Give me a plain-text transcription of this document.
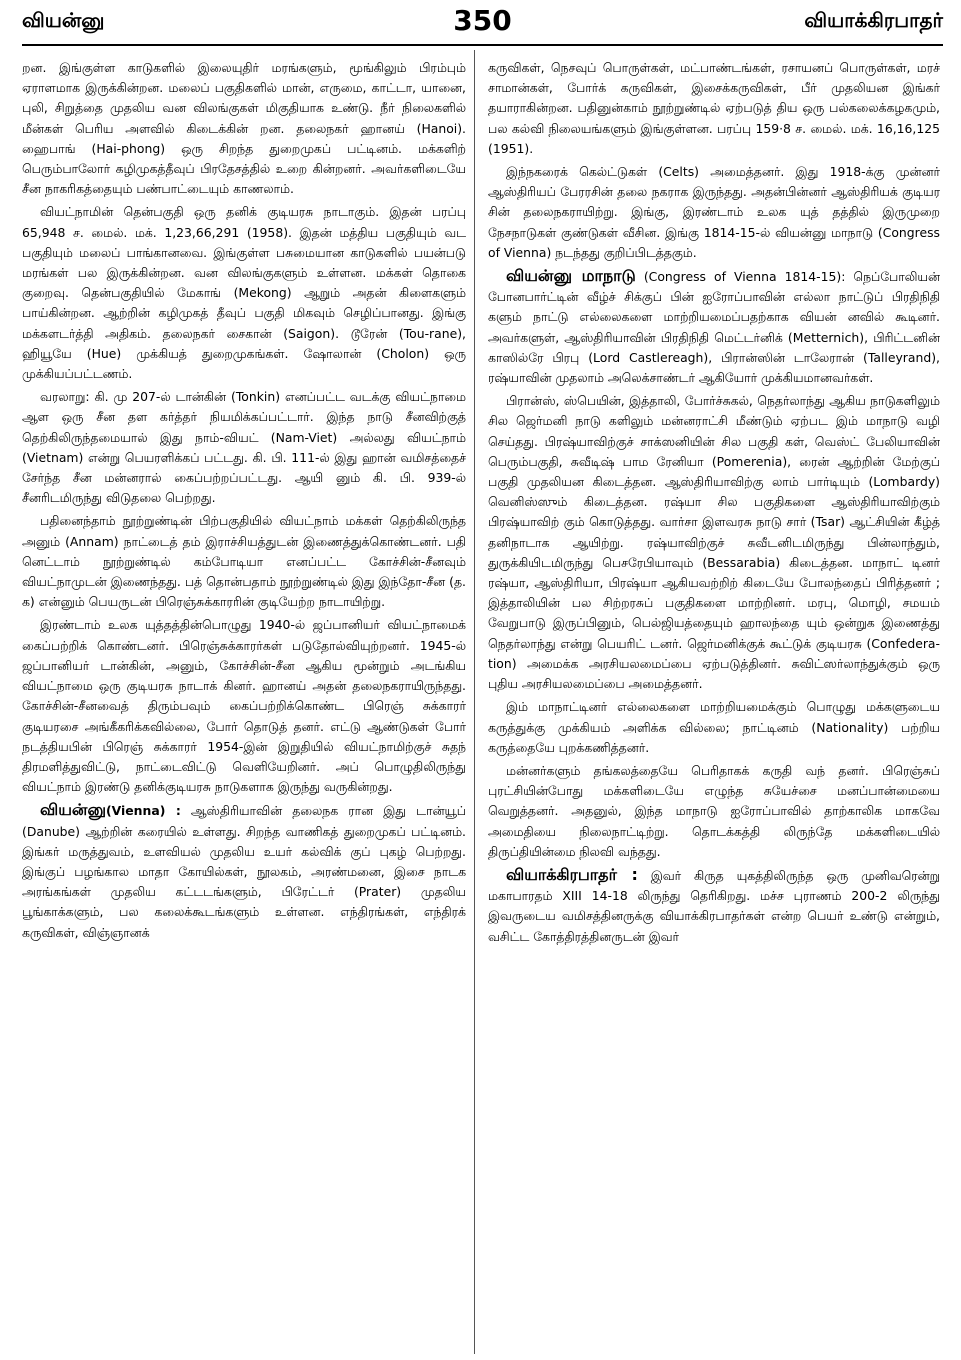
வியன்னு	350	வியாக்கிரபாதர்

றன. இங்குள்ள காடுகளில் இலையுதிர் மரங்களும், மூங்கிலும் பிரம்பும் ஏராளமாக இருக்கின்றன. மலைப் பகுதிகளில் மான், எருமை, காட்டா, யானை, புலி, சிறுத்தை முதலிய வன விலங்குகள் மிகுதியாக உண்டு. நீர் நிலைகளில் மீன்கள் பெரிய அளவில் கிடைக்கின் றன. தலைநகர் ஹானய் (Hanoi). ஹைபாங் (Hai-phong) ஒரு சிறந்த துறைமுகப் பட்டினம். மக்களிற் பெரும்பாலோர் கழிமுகத்தீவுப் பிரதேசத்தில் உறை கின்றனர். அவர்களிடையே சீன நாகரிகத்தையும் பண்பாட்டையும் காணலாம்.

வியட்நாமின் தென்பகுதி ஒரு தனிக் குடியரசு நாடாகும். இதன் பரப்பு 65,948 ச. மைல். மக். 1,23,66,291 (1958). இதன் மத்திய பகுதியும் வட பகுதியும் மலைப் பாங்கானவை. இங்குள்ள பசுமையான காடுகளில் பயன்படு மரங்கள் பல இருக்கின்றன. வன விலங்குகளும் உள்ளன. மக்கள் தொகை குறைவு. தென்பகுதியில் மேகாங் (Mekong) ஆறும் அதன் கிளைகளும் பாய்கின்றன. ஆற்றின் கழிமுகத் தீவுப் பகுதி மிகவும் செழிப்பானது. இங்கு மக்களடர்த்தி அதிகம். தலைநகர் சைகான் (Saigon). டூரேன் (Tou-rane), ஹியூயே (Hue) முக்கியத் துறைமுகங்கள். ஷோலான் (Cholon) ஒரு முக்கியப்பட்டணம்.

வரலாறு: கி. மு 207-ல் டான்கின் (Tonkin) எனப்பட்ட வடக்கு வியட்நாமை ஆள ஒரு சீன தள கர்த்தர் நியமிக்கப்பட்டார். இந்த நாடு சீனவிற்குத் தெற்கிலிருந்தமையால் இது நாம்-வியட் (Nam-Viet) அல்லது வியட்நாம் (Vietnam) என்று பெயரளிக்கப் பட்டது. கி. பி. 111-ல் இது ஹான் வமிசத்தைச் சேர்ந்த சீன மன்னரால் கைப்பற்றப்பட்டது. ஆயி னும் கி. பி. 939-ல் சீனரிடமிருந்து விடுதலை பெற்றது.

பதினைந்தாம் நூற்றுண்டின் பிற்பகுதியில் வியட்நாம் மக்கள் தெற்கிலிருந்த அனும் (Annam) நாட்டைத் தம் இராச்சியத்துடன் இணைத்துக்கொண்டனர். பதி னெட்டாம் நூற்றுண்டில் கம்போடியா எனப்பட்ட கோச்சின்-சீனவும் வியட்நாமுடன் இணைந்தது. பத் தொன்பதாம் நூற்றுண்டில் இது இந்தோ-சீன (த. க) என்னும் பெயருடன் பிரெஞ்சுக்காரரின் குடியேற்ற நாடாயிற்று.

இரண்டாம் உலக யுத்தத்தின்பொழுது 1940-ல் ஜப்பானியர் வியட்நாமைக் கைப்பற்றிக் கொண்டனர். பிரெஞ்சுக்காரர்கள் படுதோல்வியுற்றனர். 1945-ல் ஜப்பானியர் டான்கின், அனும், கோச்சின்-சீன ஆகிய மூன்றும் அடங்கிய வியட்நாமை ஒரு குடியரசு நாடாக் கினர். ஹானய் அதன் தலைநகராயிருந்தது. கோச்சின்-சீனவைத் திரும்பவும் கைப்பற்றிக்கொண்ட பிரெஞ் சுக்காரர் குடியரசை அங்கீகரிக்கவில்லை, போர் தொடுத் தனர். எட்டு ஆண்டுகள் போர் நடத்தியபின் பிரெஞ் சுக்காரர் 1954-இன் இறுதியில் வியட்நாமிற்குச் சுதந் திரமளித்துவிட்டு, நாட்டைவிட்டு வெளியேறினர். அப் பொழுதிலிருந்து வியட்நாம் இரண்டு தனிக்குடியரசு நாடுகளாக இருந்து வருகின்றது.

வியன்னு(Vienna) : ஆஸ்திரியாவின் தலைநக ரான இது டான்யூப் (Danube) ஆற்றின் கரையில் உள்ளது. சிறந்த வாணிகத் துறைமுகப் பட்டினம். இங்கர் மருத்துவம், உளவியல் முதலிய உயர் கல்விக் குப் புகழ் பெற்றது. இங்குப் பழங்கால மாதா கோயில்கள், நூலகம், அரண்மனை, இசை நாடக அரங்கங்கள் முதலிய கட்டடங்களும், பிரேட்டர் (Prater) முதலிய பூங்காக்களும், பல கலைக்கூடங்களும் உள்ளன. எந்திரங்கள், எந்திரக் கருவிகள், விஞ்ஞானக்

கருவிகள், நெசவுப் பொருள்கள், மட்பாண்டங்கள், ரசாயனப் பொருள்கள், மரச் சாமான்கள், போர்க் கருவிகள், இசைக்கருவிகள், பீர் முதலியன இங்கர் தயாராகின்றன. பதினுன்காம் நூற்றுண்டில் ஏற்படுத் திய ஒரு பல்கலைக்கழகமும், பல கல்வி நிலையங்களும் இங்குள்ளன. பரப்பு 159·8 ச. மைல். மக். 16,16,125 (1951).

இந்நகரைக் கெல்ட்டுகள் (Celts) அமைத்தனர். இது 1918-க்கு முன்னர் ஆஸ்திரியப் பேரரசின் தலை நகராக இருந்தது. அதன்பின்னர் ஆஸ்திரியக் குடியர சின் தலைநகராயிற்று. இங்கு, இரண்டாம் உலக யுத் தத்தில் இருமுறை நேசநாடுகள் குண்டுகள் வீசின. இங்கு 1814-15-ல் வியன்னு மாநாடு (Congress of Vienna) நடந்தது குறிப்பிடத்தகும்.

வியன்னு மாநாடு (Congress of Vienna 1814-15): நெப்போலியன் போனபார்ட்டின் வீழ்ச் சிக்குப் பின் ஐரோப்பாவின் எல்லா நாட்டுப் பிரதிநிதி களும் நாட்டு எல்லைகளை மாற்றியமைப்பதற்காக வியன் னவில் கூடினர். அவர்களுள், ஆஸ்திரியாவின் பிரதிநிதி மெட்டர்னிக் (Metternich), பிரிட்டனின் காஸில்ரே பிரபு (Lord Castlereagh), பிரான்ஸின் டாலேரான் (Talleyrand), ரஷ்யாவின் முதலாம் அலெக்சாண்டர் ஆகியோர் முக்கியமானவர்கள்.

பிரான்ஸ், ஸ்பெயின், இத்தாலி, போர்ச்சுகல், நெதர்லாந்து ஆகிய நாடுகளிலும் சில ஜெர்மனி நாடு களிலும் மன்னராட்சி மீண்டும் ஏற்பட இம் மாநாடு வழி செய்தது. பிரஷ்யாவிற்குச் சாக்ஸனியின் சில பகுதி கள், வெஸ்ட் பேலியாவின் பெரும்பகுதி, சுவீடிஷ் பாம ரேனியா (Pomerenia), ரைன் ஆற்றின் மேற்குப் பகுதி முதலியன கிடைத்தன. ஆஸ்திரியாவிற்கு லாம் பார்டியும் (Lombardy) வெனிஸ்ஸும் கிடைத்தன. ரஷ்யா சில பகுதிகளை ஆஸ்திரியாவிற்கும் பிரஷ்யாவிற் கும் கொடுத்தது. வார்சா இளவரசு நாடு சார் (Tsar) ஆட்சியின் கீழ்த் தனிநாடாக ஆயிற்று. ரஷ்யாவிற்குச் சுவீடனிடமிருந்து பின்லாந்தும், துருக்கியிடமிருந்து பெசரேபியாவும் (Bessarabia) கிடைத்தன. மாநாட் டினர் ரஷ்யா, ஆஸ்திரியா, பிரஷ்யா ஆகியவற்றிற் கிடையே போலந்தைப் பிரித்தனர் ; இத்தாலியின் பல சிற்றரசுப் பகுதிகளை மாற்றினர். மரபு, மொழி, சமயம் வேறுபாடு இருப்பினும், பெல்ஜியத்தையும் ஹாலந்தை யும் ஒன்றுக இணைத்து நெதர்லாந்து என்று பெயரிட் டனர். ஜெர்மனிக்குக் கூட்டுக் குடியரசு (Confedera-tion) அமைக்க அரசியலமைப்பை ஏற்படுத்தினர். சுவிட்ஸர்லாந்துக்கும் ஒரு புதிய அரசியலமைப்பை அமைத்தனர்.

இம் மாநாட்டினர் எல்லைகளை மாற்றியமைக்கும் பொழுது மக்களுடைய கருத்துக்கு முக்கியம் அளிக்க வில்லை; நாட்டினம் (Nationality) பற்றிய கருத்தையே புறக்கணித்தனர்.

மன்னர்களும் தங்கலத்தையே பெரிதாகக் கருதி வந் தனர். பிரெஞ்சுப் புரட்சியின்போது மக்களிடையே எழுந்த சுயேச்சை மனப்பான்மையை வெறுத்தனர். அதனுல், இந்த மாநாடு ஐரோப்பாவில் தாற்காலிக மாகவே அமைதியை நிலைநாட்டிற்று. தொடக்கத்தி லிருந்தே மக்களிடையில் திருப்தியின்மை நிலவி வந்தது.

வியாக்கிரபாதர் : இவர் கிருத யுகத்திலிருந்த ஒரு முனிவரென்று மகாபாரதம் XIII 14-18 லிருந்து தெரிகிறது. மச்ச புராணம் 200-2 லிருந்து இவருடைய வமிசத்தினருக்கு வியாக்கிரபாதர்கள் என்ற பெயர் உண்டு என்றும், வசிட்ட கோத்திரத்தினருடன் இவர்
